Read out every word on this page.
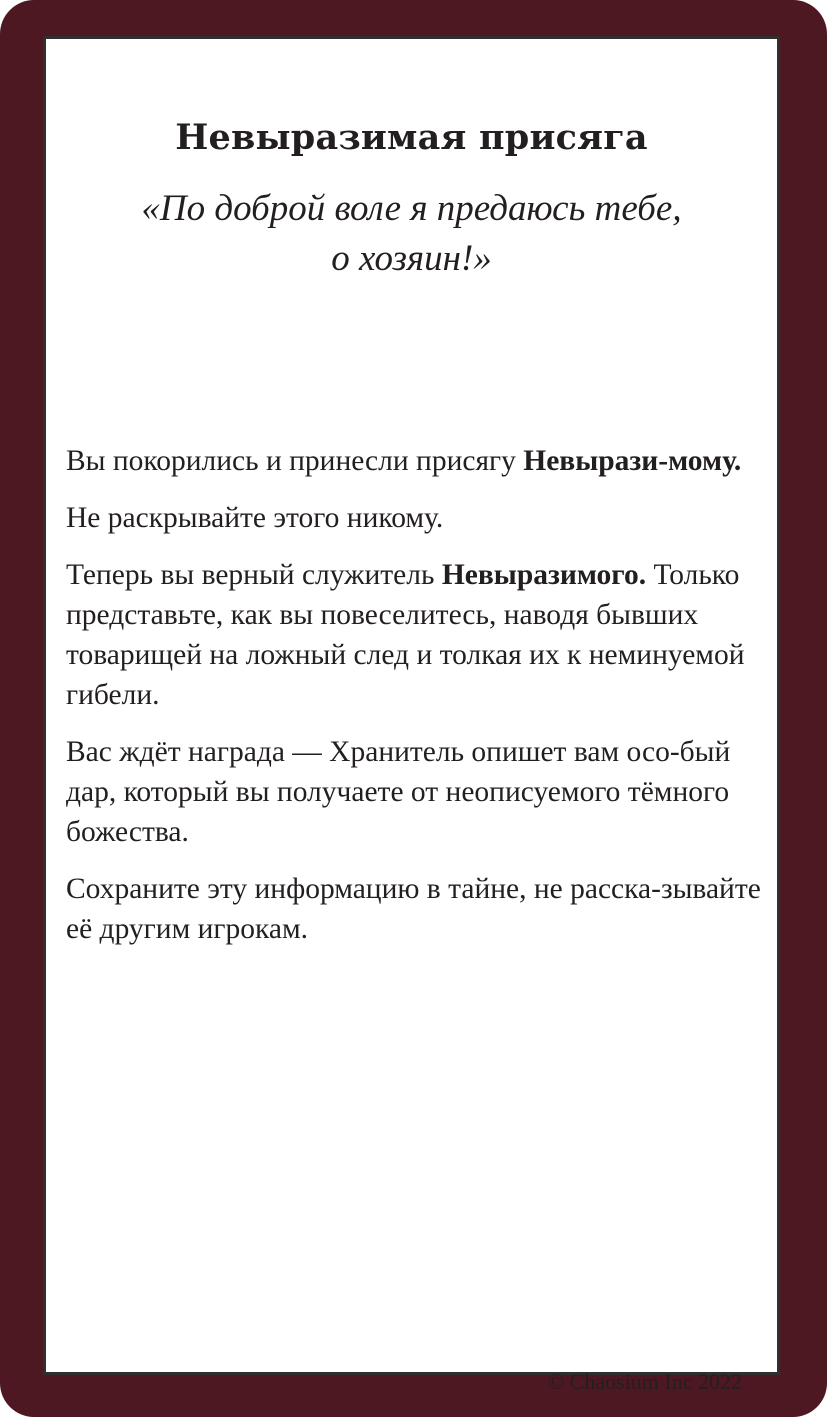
Невыразимая присяга
«По доброй воле я предаюсь тебе,
о хозяин!»

Вы покорились и принесли присягу Невырази-мому.

Не раскрывайте этого никому.

Теперь вы верный служитель Невыразимого. Только представьте, как вы повеселитесь, наводя бывших товарищей на ложный след и толкая их к неминуемой гибели.

Вас ждёт награда — Хранитель опишет вам осо-бый дар, который вы получаете от неописуемого тёмного божества.

Сохраните эту информацию в тайне, не расска-зывайте её другим игрокам.

© Chaosium Inc 2022
